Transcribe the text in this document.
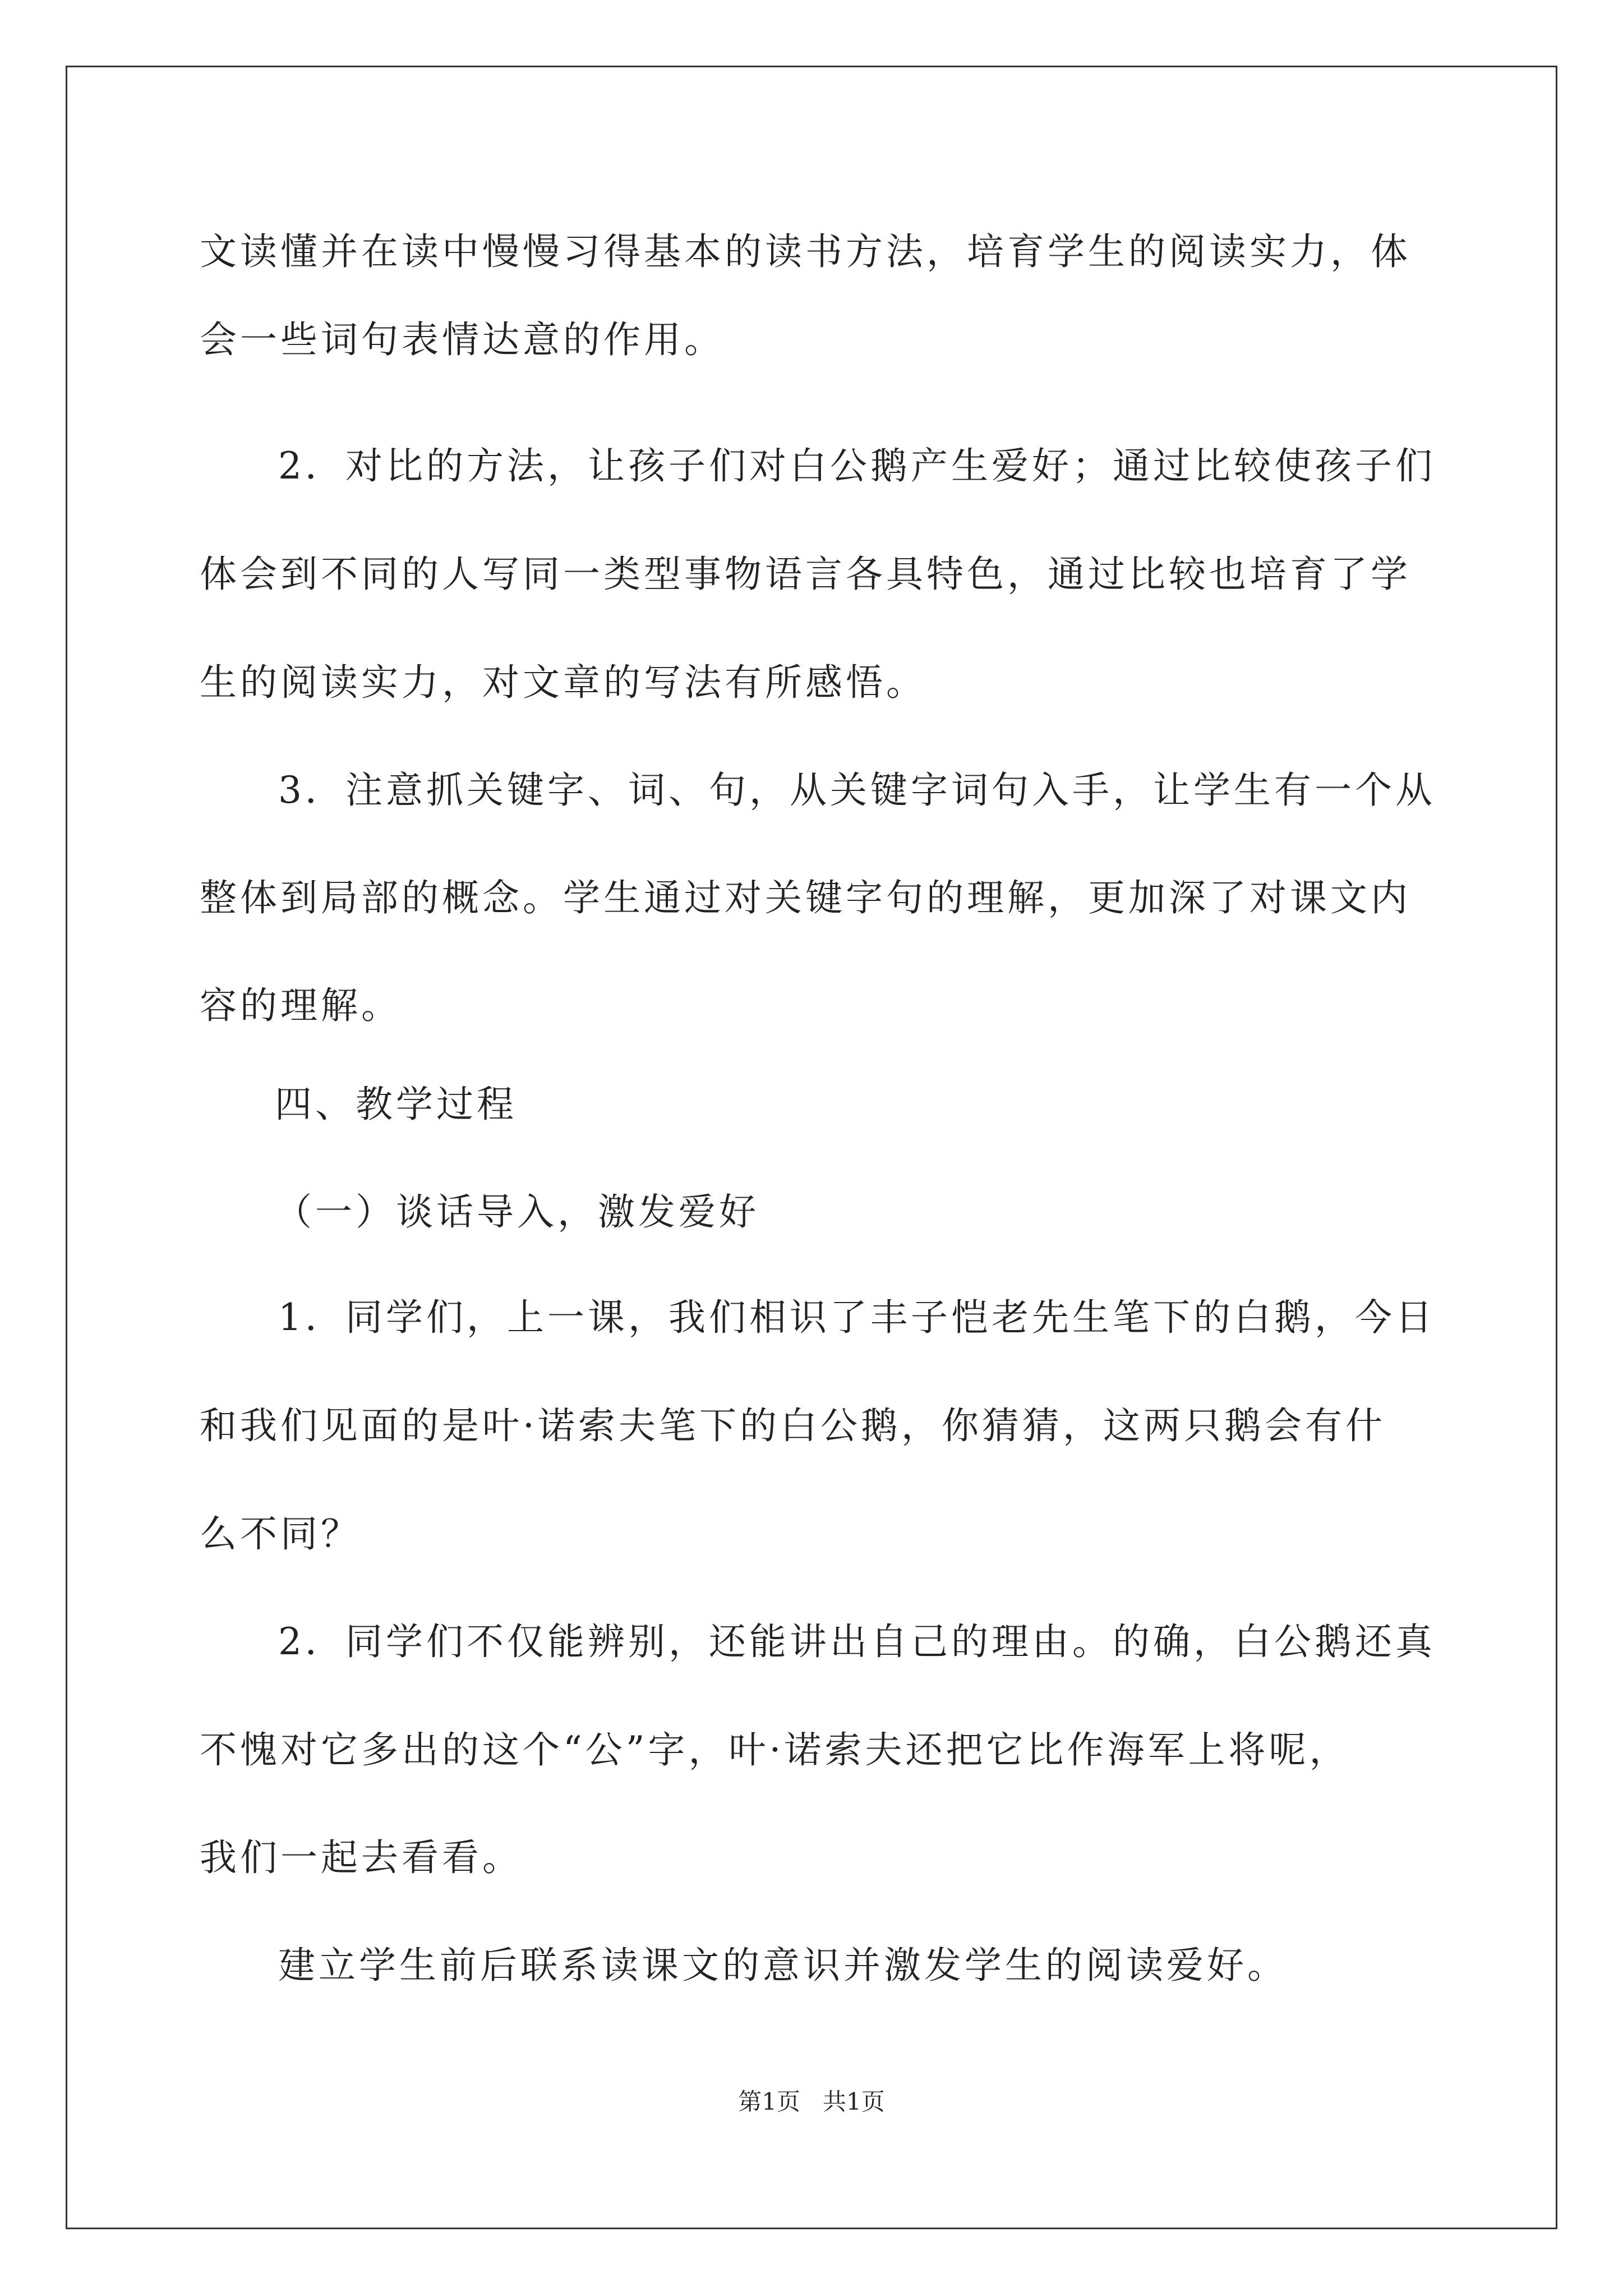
文读懂并在读中慢慢习得基本的读书方法，培育学生的阅读实力，体
会一些词句表情达意的作用。
2．对比的方法，让孩子们对白公鹅产生爱好；通过比较使孩子们
体会到不同的人写同一类型事物语言各具特色，通过比较也培育了学
生的阅读实力，对文章的写法有所感悟。
3．注意抓关键字、词、句，从关键字词句入手，让学生有一个从
整体到局部的概念。学生通过对关键字句的理解，更加深了对课文内
容的理解。
四、教学过程
（一）谈话导入，激发爱好
1．同学们，上一课，我们相识了丰子恺老先生笔下的白鹅，今日
和我们见面的是叶·诺索夫笔下的白公鹅，你猜猜，这两只鹅会有什
么不同？
2．同学们不仅能辨别，还能讲出自己的理由。的确，白公鹅还真
不愧对它多出的这个“公”字，叶·诺索夫还把它比作海军上将呢，
我们一起去看看。
建立学生前后联系读课文的意识并激发学生的阅读爱好。
第1页   共1页
